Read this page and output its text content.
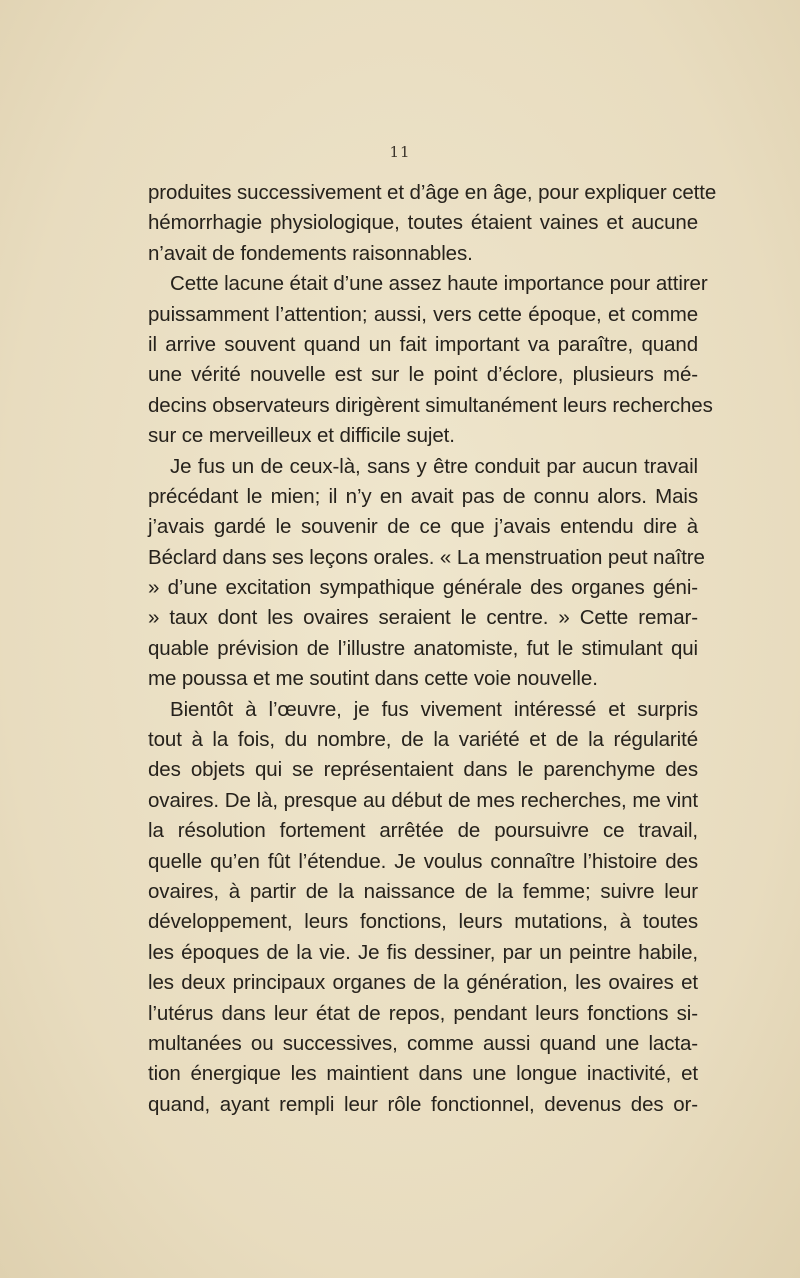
11
produites successivement et d’âge en âge, pour expliquer cette
hémorrhagie physiologique, toutes étaient vaines et aucune
n’avait de fondements raisonnables.
Cette lacune était d’une assez haute importance pour attirer
puissamment l’attention; aussi, vers cette époque, et comme
il arrive souvent quand un fait important va paraître, quand
une vérité nouvelle est sur le point d’éclore, plusieurs mé-
decins observateurs dirigèrent simultanément leurs recherches
sur ce merveilleux et difficile sujet.
Je fus un de ceux-là, sans y être conduit par aucun travail
précédant le mien; il n’y en avait pas de connu alors. Mais
j’avais gardé le souvenir de ce que j’avais entendu dire à
Béclard dans ses leçons orales. « La menstruation peut naître
» d’une excitation sympathique générale des organes géni-
» taux dont les ovaires seraient le centre. » Cette remar-
quable prévision de l’illustre anatomiste, fut le stimulant qui
me poussa et me soutint dans cette voie nouvelle.
Bientôt à l’œuvre, je fus vivement intéressé et surpris
tout à la fois, du nombre, de la variété et de la régularité
des objets qui se représentaient dans le parenchyme des
ovaires. De là, presque au début de mes recherches, me vint
la résolution fortement arrêtée de poursuivre ce travail,
quelle qu’en fût l’étendue. Je voulus connaître l’histoire des
ovaires, à partir de la naissance de la femme; suivre leur
développement, leurs fonctions, leurs mutations, à toutes
les époques de la vie. Je fis dessiner, par un peintre habile,
les deux principaux organes de la génération, les ovaires et
l’utérus dans leur état de repos, pendant leurs fonctions si-
multanées ou successives, comme aussi quand une lacta-
tion énergique les maintient dans une longue inactivité, et
quand, ayant rempli leur rôle fonctionnel, devenus des or-
